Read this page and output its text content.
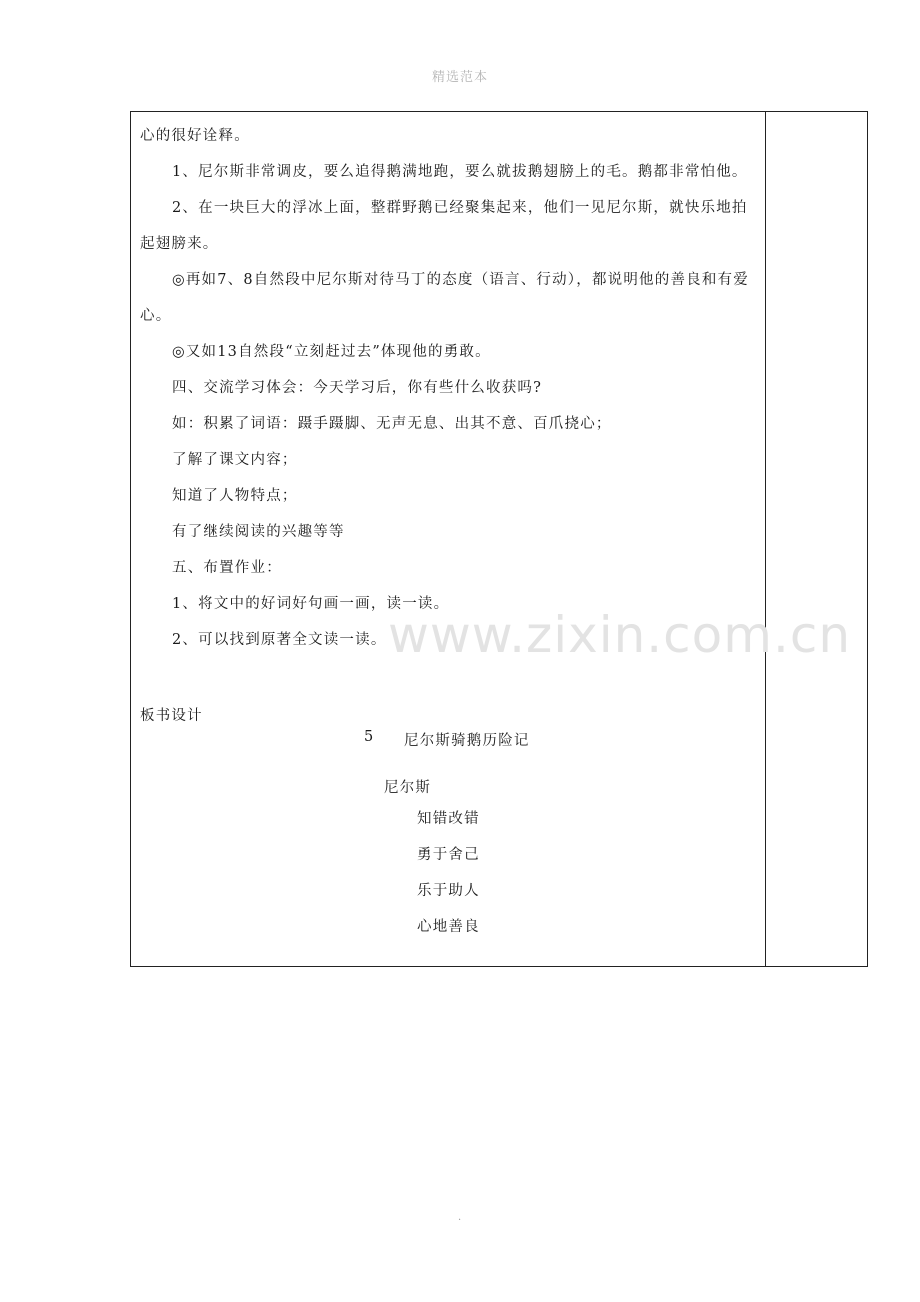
精选范本
www.zixin.com.cn

心的很好诠释。

1、尼尔斯非常调皮，要么追得鹅满地跑，要么就拔鹅翅膀上的毛。鹅都非常怕他。

2、在一块巨大的浮冰上面，整群野鹅已经聚集起来，他们一见尼尔斯，就快乐地拍起翅膀来。

◎再如7、8自然段中尼尔斯对待马丁的态度（语言、行动），都说明他的善良和有爱心。

◎又如13自然段“立刻赶过去”体现他的勇敢。

四、交流学习体会：今天学习后，你有些什么收获吗?

如：积累了词语：蹑手蹑脚、无声无息、出其不意、百爪挠心；

了解了课文内容；

知道了人物特点；

有了继续阅读的兴趣等等

五、布置作业：

1、将文中的好词好句画一画，读一读。

2、可以找到原著全文读一读。

板书设计
5 尼尔斯骑鹅历险记
尼尔斯
知错改错
勇于舍己
乐于助人
心地善良
.
